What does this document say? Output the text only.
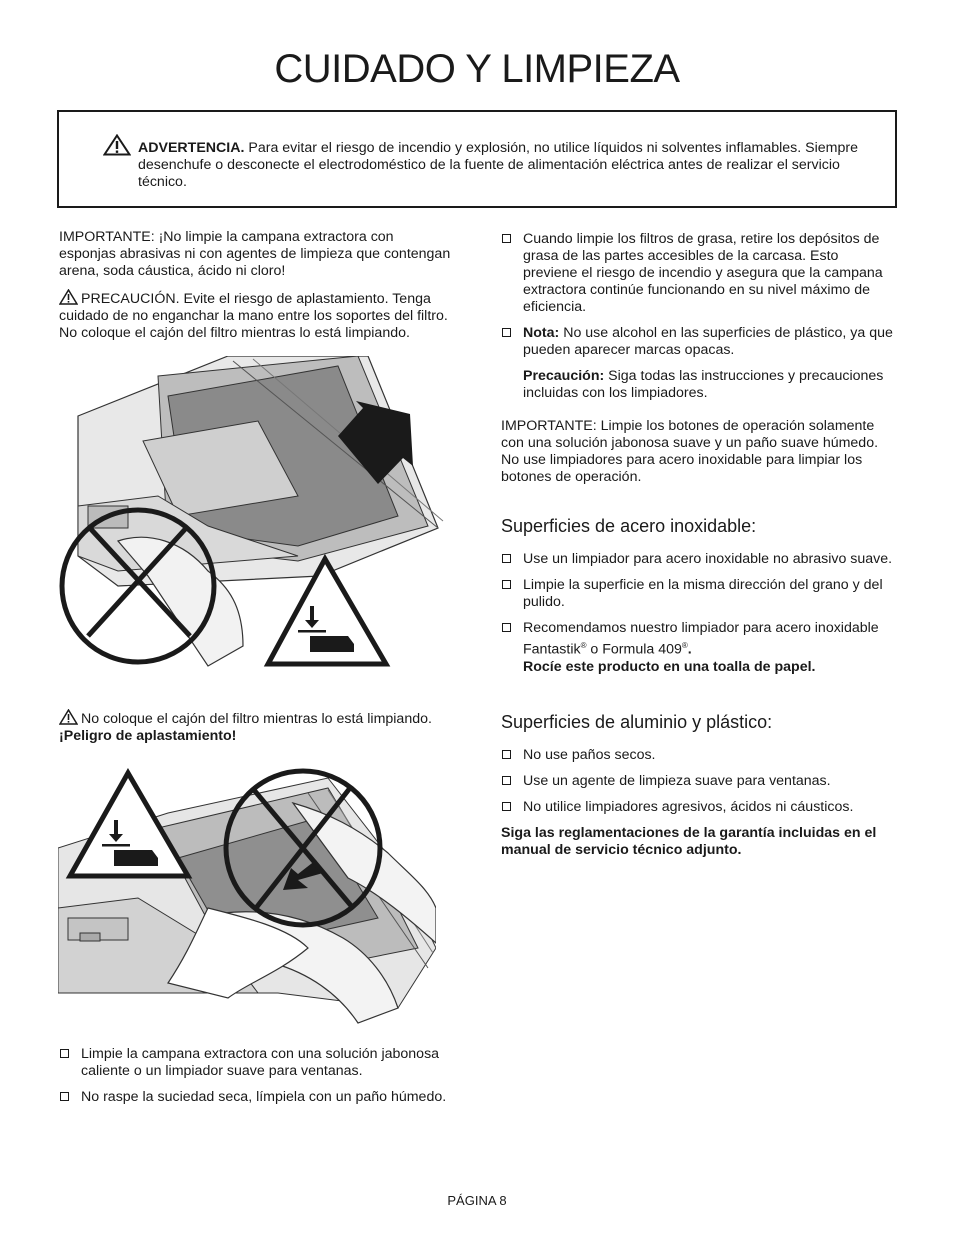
CUIDADO Y LIMPIEZA
ADVERTENCIA. Para evitar el riesgo de incendio y explosión, no utilice líquidos ni solventes inflamables. Siempre desenchufe o desconecte el electrodoméstico de la fuente de alimentación eléctrica antes de realizar el servicio técnico.

IMPORTANTE: ¡No limpie la campana extractora con esponjas abrasivas ni con agentes de limpieza que contengan arena, soda cáustica, ácido ni cloro!

PRECAUCIÓN. Evite el riesgo de aplastamiento. Tenga cuidado de no enganchar la mano entre los soportes del filtro. No coloque el cajón del filtro mientras lo está limpiando.

No coloque el cajón del filtro mientras lo está limpiando.
¡Peligro de aplastamiento!

Limpie la campana extractora con una solución jabonosa caliente o un limpiador suave para ventanas.
No raspe la suciedad seca, límpiela con un paño húmedo.
Cuando limpie los filtros de grasa, retire los depósitos de grasa de las partes accesibles de la carcasa. Esto previene el riesgo de incendio y asegura que la campana extractora continúe funcionando en su nivel máximo de eficiencia.
Nota: No use alcohol en las superficies de plástico, ya que pueden aparecer marcas opacas.
Precaución: Siga todas las instrucciones y precauciones incluidas con los limpiadores.

IMPORTANTE: Limpie los botones de operación solamente con una solución jabonosa suave y un paño suave húmedo.
No use limpiadores para acero inoxidable para limpiar los botones de operación.

Superficies de acero inoxidable:
Use un limpiador para acero inoxidable no abrasivo suave.
Limpie la superficie en la misma dirección del grano y del pulido.
Recomendamos nuestro limpiador para acero inoxidable Fantastik® o Formula 409®.
Rocíe este producto en una toalla de papel.
Superficies de aluminio y plástico:
No use paños secos.
Use un agente de limpieza suave para ventanas.
No utilice limpiadores agresivos, ácidos ni cáusticos.

Siga las reglamentaciones de la garantía incluidas en el manual de servicio técnico adjunto.

PÁGINA 8
